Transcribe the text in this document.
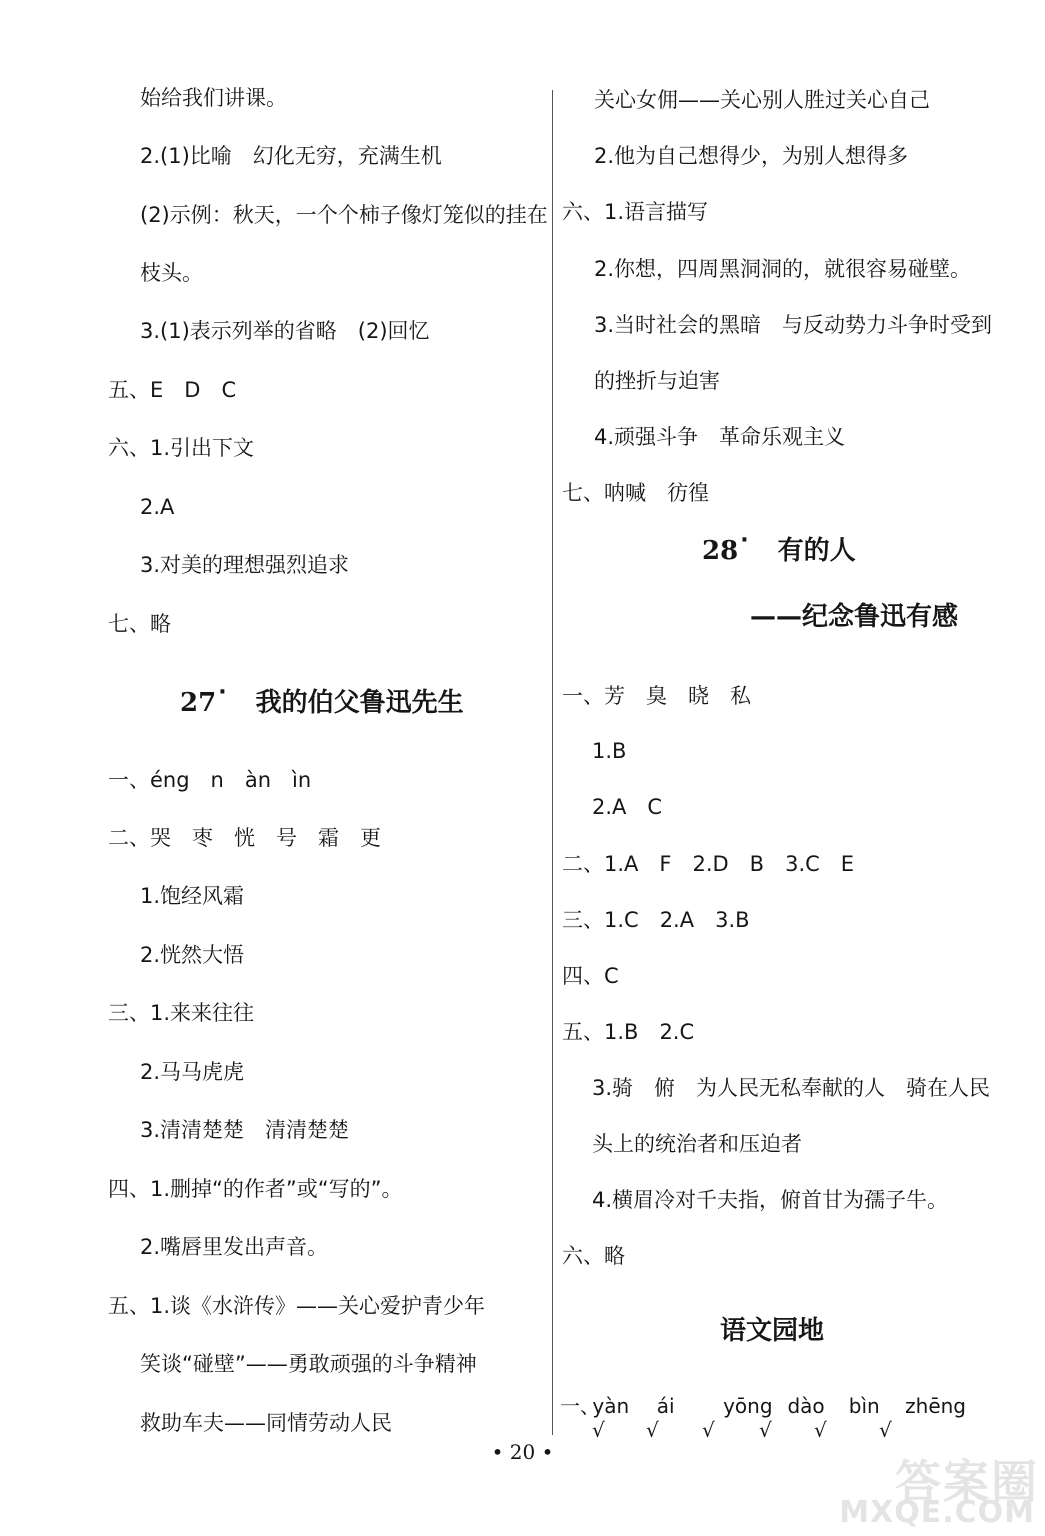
始给我们讲课。
2.(1)比喻　幻化无穷，充满生机
(2)示例：秋天，一个个柿子像灯笼似的挂在
枝头。
3.(1)表示列举的省略　(2)回忆
五、E　D　C
六、1.引出下文
2.A
3.对美的理想强烈追求
七、略
27· 我的伯父鲁迅先生
一、éng　n　àn　ìn
二、哭　枣　恍　号　霜　更
1.饱经风霜
2.恍然大悟
三、1.来来往往
2.马马虎虎
3.清清楚楚　清清楚楚
四、1.删掉“的作者”或“写的”。
2.嘴唇里发出声音。
五、1.谈《水浒传》——关心爱护青少年
笑谈“碰壁”——勇敢顽强的斗争精神
救助车夫——同情劳动人民
关心女佣——关心别人胜过关心自己
2.他为自己想得少，为别人想得多
六、1.语言描写
2.你想，四周黑洞洞的，就很容易碰壁。
3.当时社会的黑暗　与反动势力斗争时受到
的挫折与迫害
4.顽强斗争　革命乐观主义
七、呐喊　彷徨
28· 有的人
——纪念鲁迅有感
一、芳　臭　晓　私
1.B
2.A　C
二、1.A　F　2.D　B　3.C　E
三、1.C　2.A　3.B
四、C
五、1.B　2.C
3.骑　俯　为人民无私奉献的人　骑在人民
头上的统治者和压迫者
4.横眉冷对千夫指，俯首甘为孺子牛。
六、略
语文园地
一、 yàn ái yōng dào bìn zhēng
√ √ √ √ √	√
• 20 •
答案圈
MXQE.COM
